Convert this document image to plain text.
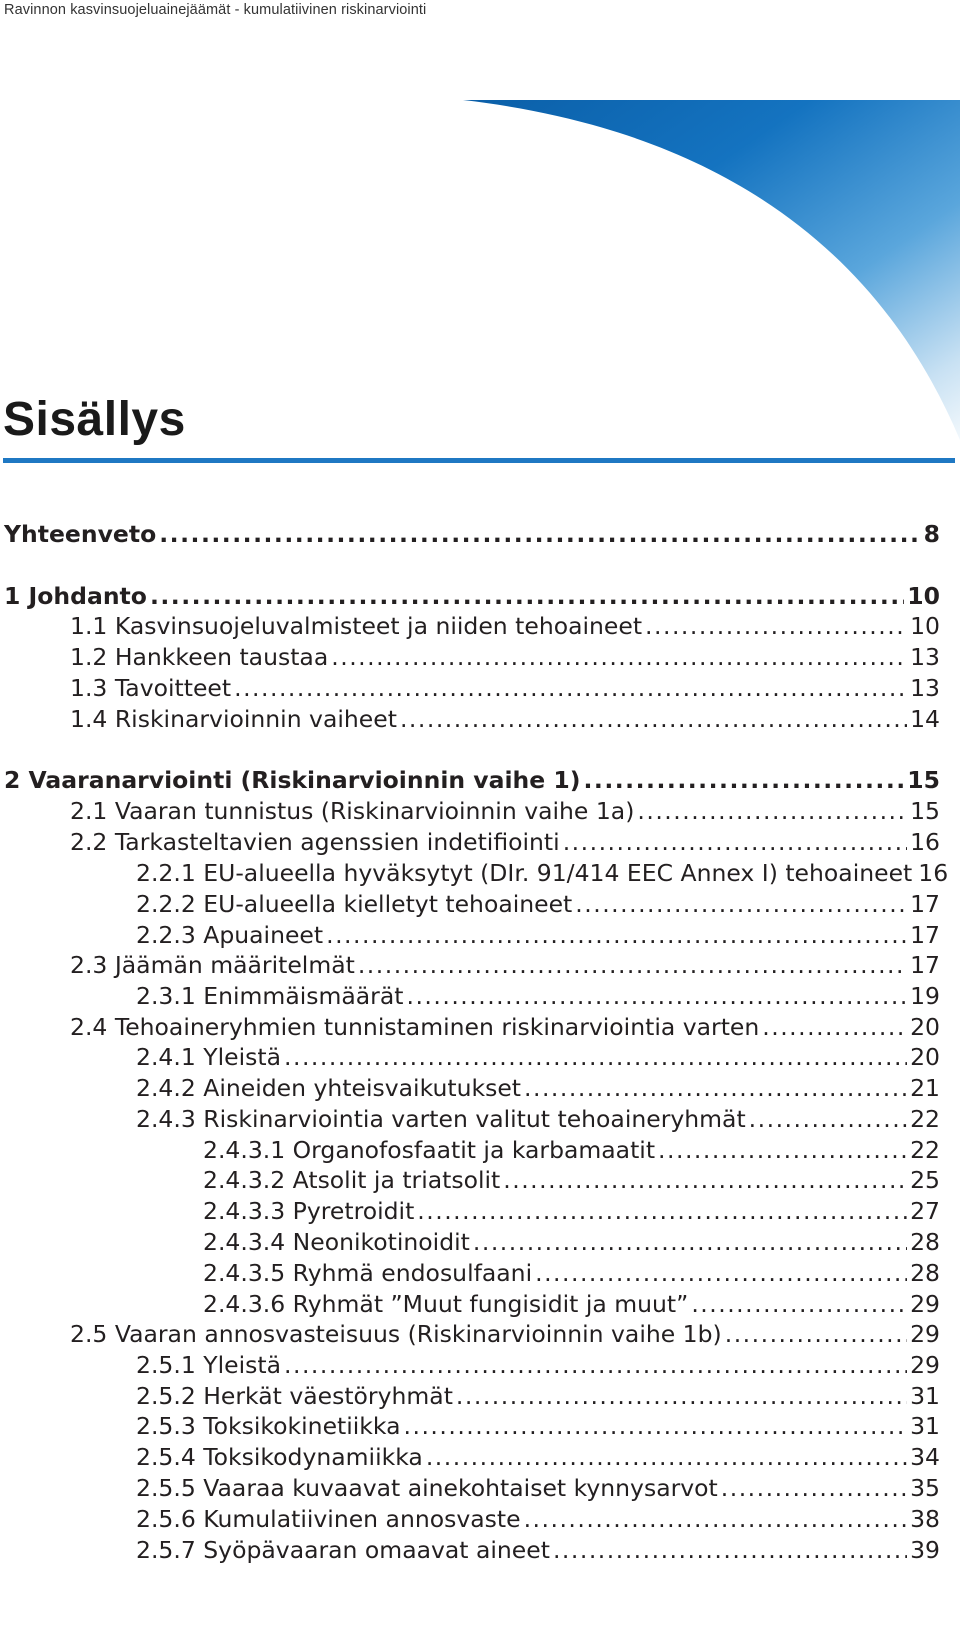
Ravinnon kasvinsuojeluainejäämät - kumulatiivinen riskinarviointi
Sisällys
Yhteenveto .....	8
1 Johdanto .....	10
1.1 Kasvinsuojeluvalmisteet ja niiden tehoaineet .....	10
1.2 Hankkeen taustaa .....	13
1.3 Tavoitteet .....	13
1.4 Riskinarvioinnin vaiheet .....	14
2 Vaaranarviointi (Riskinarvioinnin vaihe 1) .....	15
2.1 Vaaran tunnistus (Riskinarvioinnin vaihe 1a) .....	15
2.2 Tarkasteltavien agenssien indetifiointi .....	16
2.2.1 EU-alueella hyväksytyt (DIr. 91/414 EEC Annex I) tehoaineet 16
2.2.2 EU-alueella kielletyt tehoaineet .....	17
2.2.3 Apuaineet .....	17
2.3 Jäämän määritelmät .....	17
2.3.1 Enimmäismäärät .....	19
2.4 Tehoaineryhmien tunnistaminen riskinarviointia varten .....	20
2.4.1 Yleistä .....	20
2.4.2 Aineiden yhteisvaikutukset .....	21
2.4.3 Riskinarviointia varten valitut tehoaineryhmät .....	22
2.4.3.1 Organofosfaatit ja karbamaatit .....	22
2.4.3.2 Atsolit ja triatsolit .....	25
2.4.3.3 Pyretroidit .....	27
2.4.3.4 Neonikotinoidit .....	28
2.4.3.5 Ryhmä endosulfaani .....	28
2.4.3.6 Ryhmät ”Muut fungisidit ja muut” .....	29
2.5 Vaaran annosvasteisuus (Riskinarvioinnin vaihe 1b) .....	29
2.5.1 Yleistä .....	29
2.5.2 Herkät väestöryhmät .....	31
2.5.3 Toksikokinetiikka .....	31
2.5.4 Toksikodynamiikka .....	34
2.5.5 Vaaraa kuvaavat ainekohtaiset kynnysarvot .....	35
2.5.6 Kumulatiivinen annosvaste .....	38
2.5.7 Syöpävaaran omaavat aineet .....	39
